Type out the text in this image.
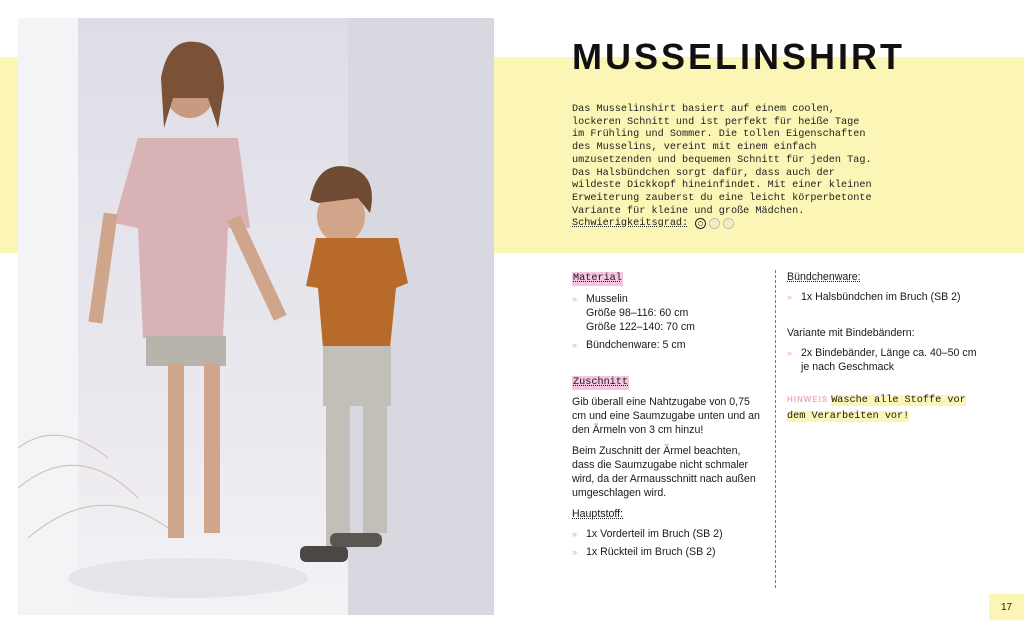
MUSSELINSHIRT
Das Musselinshirt basiert auf einem coolen, lockeren Schnitt und ist perfekt für heiße Tage im Frühling und Sommer. Die tollen Eigenschaften des Musselins, vereint mit einem einfach umzusetzenden und bequemen Schnitt für jeden Tag. Das Halsbündchen sorgt dafür, dass auch der wildeste Dickkopf hineinfindet. Mit einer kleinen Erweiterung zauberst du eine leicht körperbetonte Variante für kleine und große Mädchen.
Schwierigkeitsgrad:
Material
» Musselin
Größe 98–116: 60 cm
Größe 122–140: 70 cm
» Bündchenware: 5 cm
Zuschnitt

Gib überall eine Nahtzugabe von 0,75 cm und eine Saumzugabe unten und an den Ärmeln von 3 cm hinzu!

Beim Zuschnitt der Ärmel beachten, dass die Saumzugabe nicht schmaler wird, da der Armausschnitt nach außen umgeschlagen wird.

Hauptstoff:
» 1x Vorderteil im Bruch (SB 2)
» 1x Rückteil im Bruch (SB 2)
Bündchenware:
» 1x Halsbündchen im Bruch (SB 2)
Variante mit Bindebändern:
» 2x Bindebänder, Länge ca. 40–50 cm
je nach Geschmack
HINWEIS Wasche alle Stoffe vor dem Verarbeiten vor!
17
